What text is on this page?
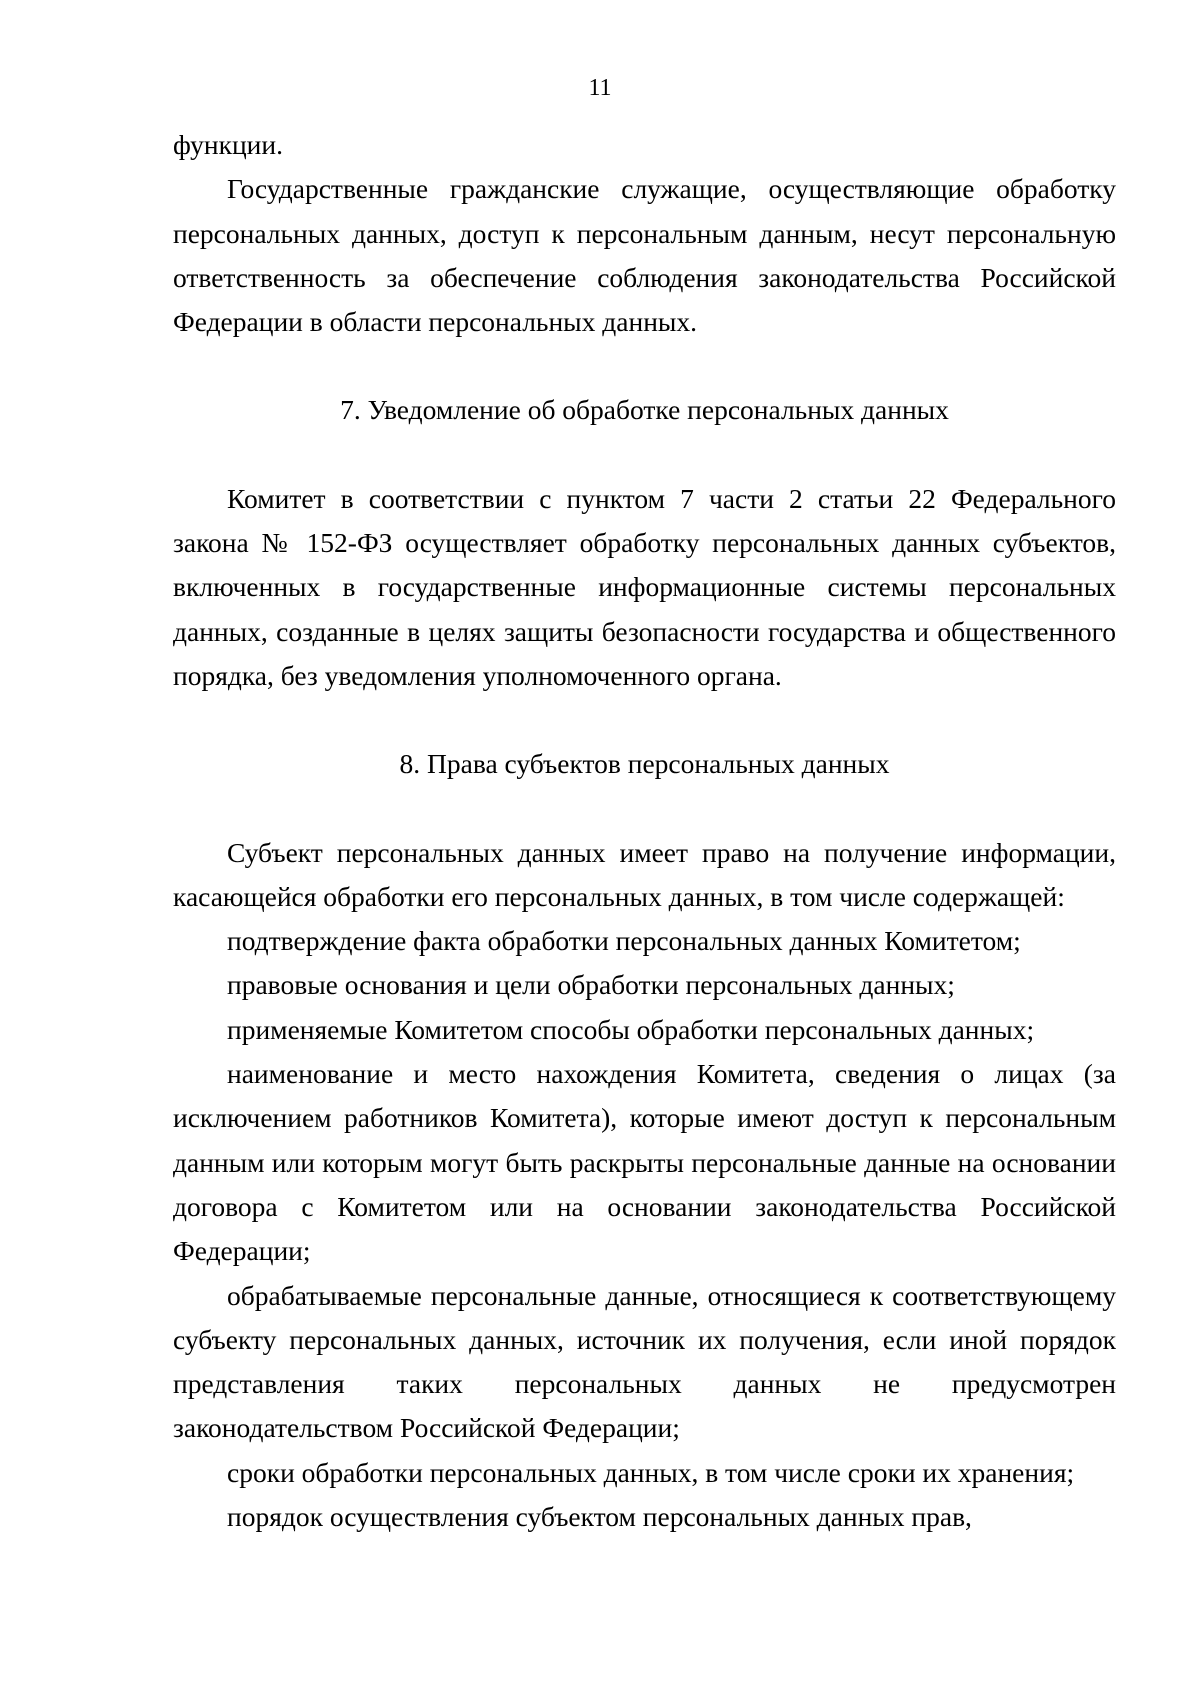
11

функции.

Государственные гражданские служащие, осуществляющие обработку персональных данных, доступ к персональным данным, несут персональную ответственность за обеспечение соблюдения законодательства Российской Федерации в области персональных данных.

7. Уведомление об обработке персональных данных

Комитет в соответствии с пунктом 7 части 2 статьи 22 Федерального закона № 152-ФЗ осуществляет обработку персональных данных субъектов, включенных в государственные информационные системы персональных данных, созданные в целях защиты безопасности государства и общественного порядка, без уведомления уполномоченного органа.

8. Права субъектов персональных данных

Субъект персональных данных имеет право на получение информации, касающейся обработки его персональных данных, в том числе содержащей:

подтверждение факта обработки персональных данных Комитетом;

правовые основания и цели обработки персональных данных;

применяемые Комитетом способы обработки персональных данных;

наименование и место нахождения Комитета, сведения о лицах (за исключением работников Комитета), которые имеют доступ к персональным данным или которым могут быть раскрыты персональные данные на основании договора с Комитетом или на основании законодательства Российской Федерации;

обрабатываемые персональные данные, относящиеся к соответствующему субъекту персональных данных, источник их получения, если иной порядок представления таких персональных данных не предусмотрен законодательством Российской Федерации;

сроки обработки персональных данных, в том числе сроки их хранения;

порядок осуществления субъектом персональных данных прав,
